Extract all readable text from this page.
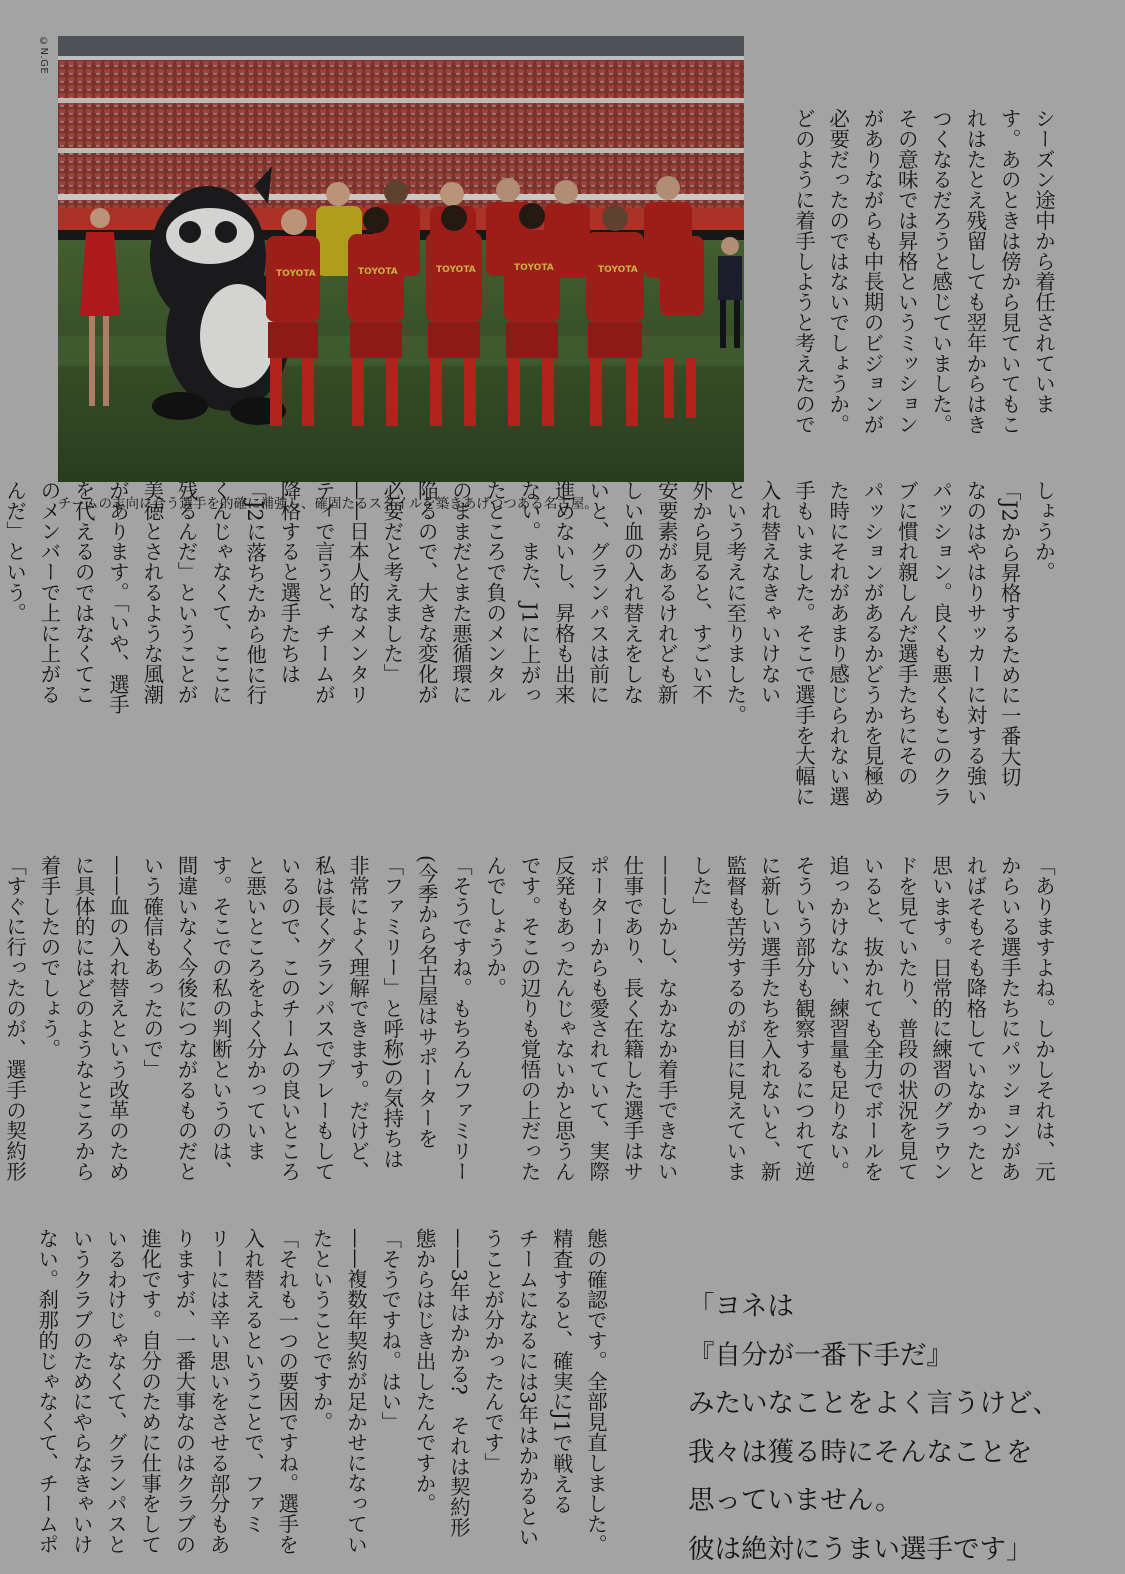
©N.GE
TOYOTA	TOYOTA	TOYOTA	TOYOTA	TOYOTA
チームの志向に合う選手を的確に補強し、確固たるスタイルを築きあげつつある名古屋。
シーズン途中から着任されていま
す。あのときは傍から見ていてもこ
れはたとえ残留しても翌年からはき
つくなるだろうと感じていました。
その意味では昇格というミッション
がありながらも中長期のビジョンが
必要だったのではないでしょうか。
どのように着手しようと考えたので
しょうか。
「J2から昇格するために一番大切
なのはやはりサッカーに対する強い
パッション。良くも悪くもこのクラ
ブに慣れ親しんだ選手たちにその
パッションがあるかどうかを見極め
た時にそれがあまり感じられない選
手もいました。そこで選手を大幅に
入れ替えなきゃいけない
という考えに至りました。
外から見ると、すごい不
安要素があるけれども新
しい血の入れ替えをしな
いと、グランパスは前に
進めないし、昇格も出来
ない。また、J1に上がっ
たところで負のメンタル
のままだとまた悪循環に
陥るので、大きな変化が
必要だと考えました」
——日本人的なメンタリ
ティで言うと、チームが
降格すると選手たちは
「J2に落ちたから他に行
くんじゃなくて、ここに
残るんだ」ということが
美徳とされるような風潮
があります。「いや、選手
を代えるのではなくてこ
のメンバーで上に上がる
んだ」という。
「ありますよね。しかしそれは、元
からいる選手たちにパッションがあ
ればそもそも降格していなかったと
思います。日常的に練習のグラウン
ドを見ていたり、普段の状況を見て
いると、抜かれても全力でボールを
追っかけない、練習量も足りない。
そういう部分も観察するにつれて逆
に新しい選手たちを入れないと、新
監督も苦労するのが目に見えていま
した」
——しかし、なかなか着手できない
仕事であり、長く在籍した選手はサ
ポーターからも愛されていて、実際
反発もあったんじゃないかと思うん
です。そこの辺りも覚悟の上だった
んでしょうか。
「そうですね。もちろんファミリー
(今季から名古屋はサポーターを
「ファミリー」と呼称)の気持ちは
非常によく理解できます。だけど、
私は長くグランパスでプレーもして
いるので、このチームの良いところ
と悪いところをよく分かっていま
す。そこでの私の判断というのは、
間違いなく今後につながるものだと
いう確信もあったので」
——血の入れ替えという改革のため
に具体的にはどのようなところから
着手したのでしょう。
「すぐに行ったのが、選手の契約形
態の確認です。全部見直しました。
精査すると、確実にJ1で戦える
チームになるには3年はかかるとい
うことが分かったんです」
——3年はかかる?　それは契約形
態からはじき出したんですか。
「そうですね。はい」
——複数年契約が足かせになってい
たということですか。
「それも一つの要因ですね。選手を
入れ替えるということで、ファミ
リーには辛い思いをさせる部分もあ
りますが、一番大事なのはクラブの
進化です。自分のために仕事をして
いるわけじゃなくて、グランパスと
いうクラブのためにやらなきゃいけ
ない。刹那的じゃなくて、チームポ	「ヨネは
『自分が一番下手だ』
みたいなことをよく言うけど、
我々は獲る時にそんなことを
思っていません。
彼は絶対にうまい選手です」
